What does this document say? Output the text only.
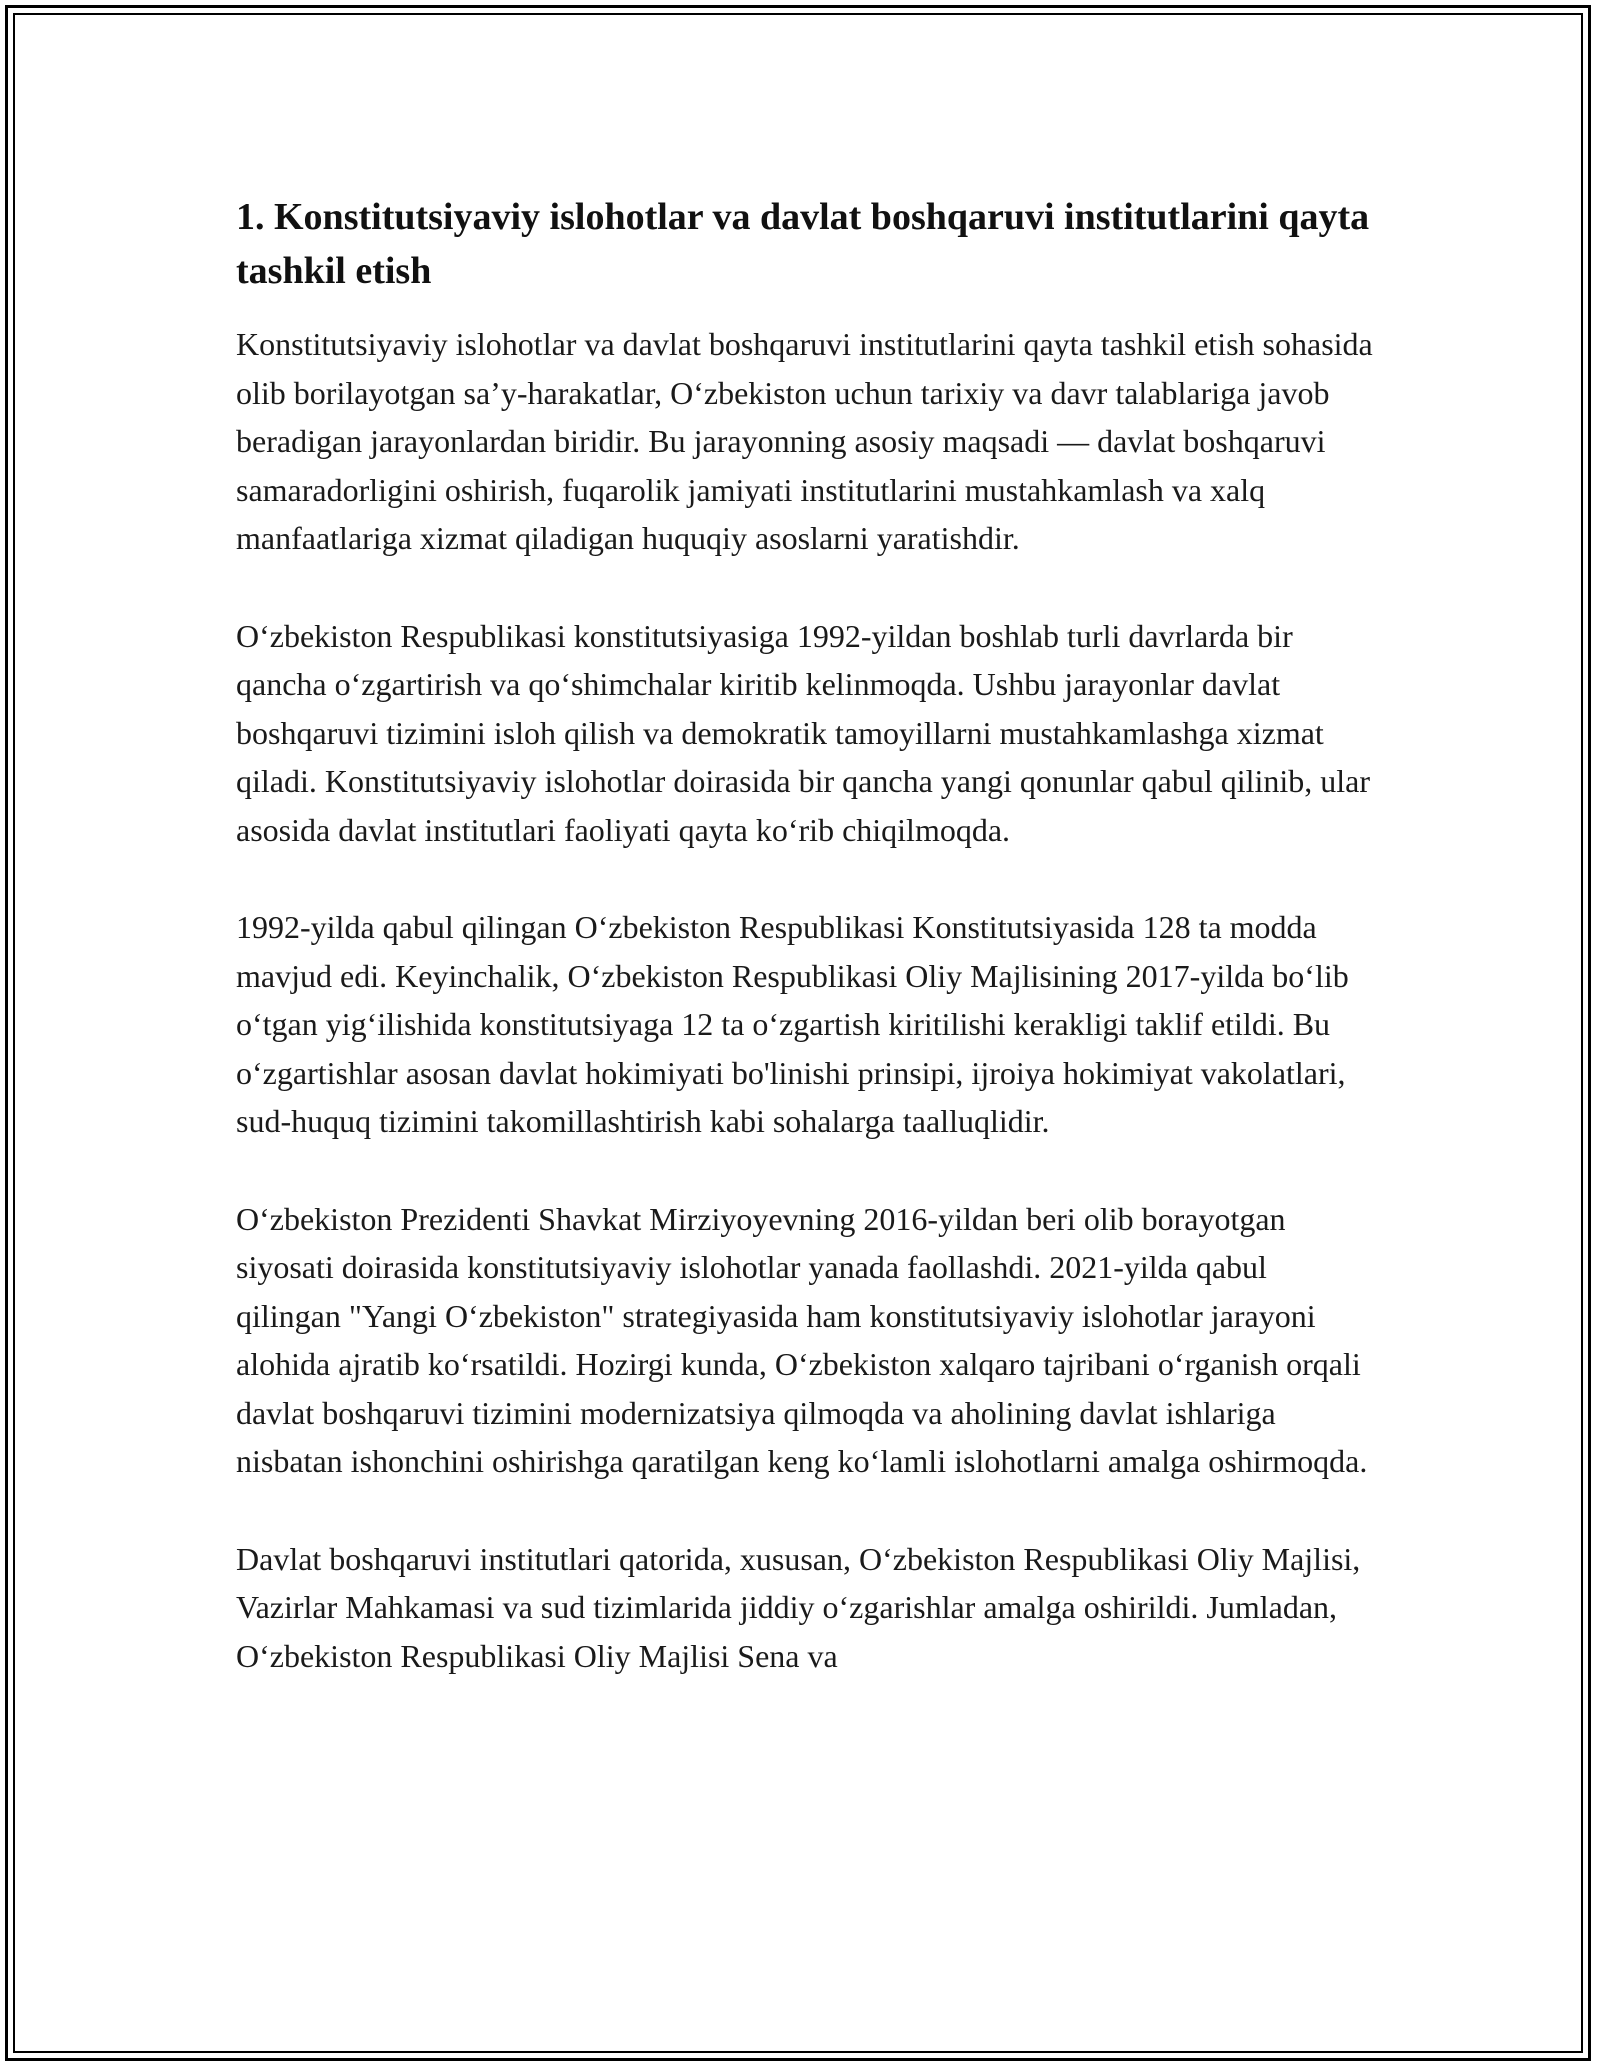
1. Konstitutsiyaviy islohotlar va davlat boshqaruvi institutlarini qayta tashkil etish

Konstitutsiyaviy islohotlar va davlat boshqaruvi institutlarini qayta tashkil etish sohasida olib borilayotgan sa’y-harakatlar, O‘zbekiston uchun tarixiy va davr talablariga javob beradigan jarayonlardan biridir. Bu jarayonning asosiy maqsadi — davlat boshqaruvi samaradorligini oshirish, fuqarolik jamiyati institutlarini mustahkamlash va xalq manfaatlariga xizmat qiladigan huquqiy asoslarni yaratishdir.

O‘zbekiston Respublikasi konstitutsiyasiga 1992-yildan boshlab turli davrlarda bir qancha o‘zgartirish va qo‘shimchalar kiritib kelinmoqda. Ushbu jarayonlar davlat boshqaruvi tizimini isloh qilish va demokratik tamoyillarni mustahkamlashga xizmat qiladi. Konstitutsiyaviy islohotlar doirasida bir qancha yangi qonunlar qabul qilinib, ular asosida davlat institutlari faoliyati qayta ko‘rib chiqilmoqda.

1992-yilda qabul qilingan O‘zbekiston Respublikasi Konstitutsiyasida 128 ta modda mavjud edi. Keyinchalik, O‘zbekiston Respublikasi Oliy Majlisining 2017-yilda bo‘lib o‘tgan yig‘ilishida konstitutsiyaga 12 ta o‘zgartish kiritilishi kerakligi taklif etildi. Bu o‘zgartishlar asosan davlat hokimiyati bo'linishi prinsipi, ijroiya hokimiyat vakolatlari, sud-huquq tizimini takomillashtirish kabi sohalarga taalluqlidir.

O‘zbekiston Prezidenti Shavkat Mirziyoyevning 2016-yildan beri olib borayotgan siyosati doirasida konstitutsiyaviy islohotlar yanada faollashdi. 2021-yilda qabul qilingan "Yangi O‘zbekiston" strategiyasida ham konstitutsiyaviy islohotlar jarayoni alohida ajratib ko‘rsatildi. Hozirgi kunda, O‘zbekiston xalqaro tajribani o‘rganish orqali davlat boshqaruvi tizimini modernizatsiya qilmoqda va aholining davlat ishlariga nisbatan ishonchini oshirishga qaratilgan keng ko‘lamli islohotlarni amalga oshirmoqda.

Davlat boshqaruvi institutlari qatorida, xususan, O‘zbekiston Respublikasi Oliy Majlisi, Vazirlar Mahkamasi va sud tizimlarida jiddiy o‘zgarishlar amalga oshirildi. Jumladan, O‘zbekiston Respublikasi Oliy Majlisi Sena va
